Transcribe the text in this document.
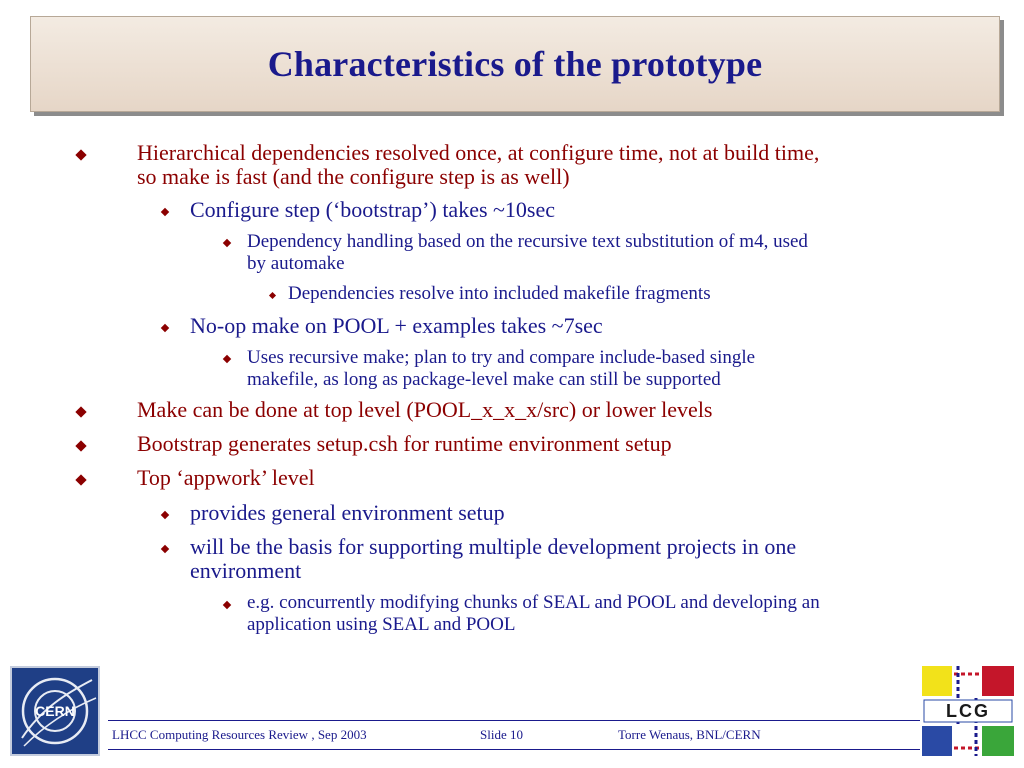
Characteristics of the prototype
Hierarchical dependencies resolved once, at configure time, not at build time,
so make is fast (and the configure step is as well)
Configure step (‘bootstrap’) takes ~10sec
Dependency handling based on the recursive text substitution of m4, used
by automake
Dependencies resolve into included makefile fragments
No-op make on POOL + examples takes ~7sec
Uses recursive make; plan to try and compare include-based single
makefile, as long as package-level make can still be supported
Make can be done at top level (POOL_x_x_x/src) or lower levels
Bootstrap generates setup.csh for runtime environment setup
Top ‘appwork’ level
provides general environment setup
will be the basis for supporting multiple development projects in one
environment
e.g. concurrently modifying chunks of SEAL and POOL and developing an
application using SEAL and POOL
CERN
LHCC Computing Resources Review , Sep 2003	Slide 10	Torre Wenaus, BNL/CERN
LCG
